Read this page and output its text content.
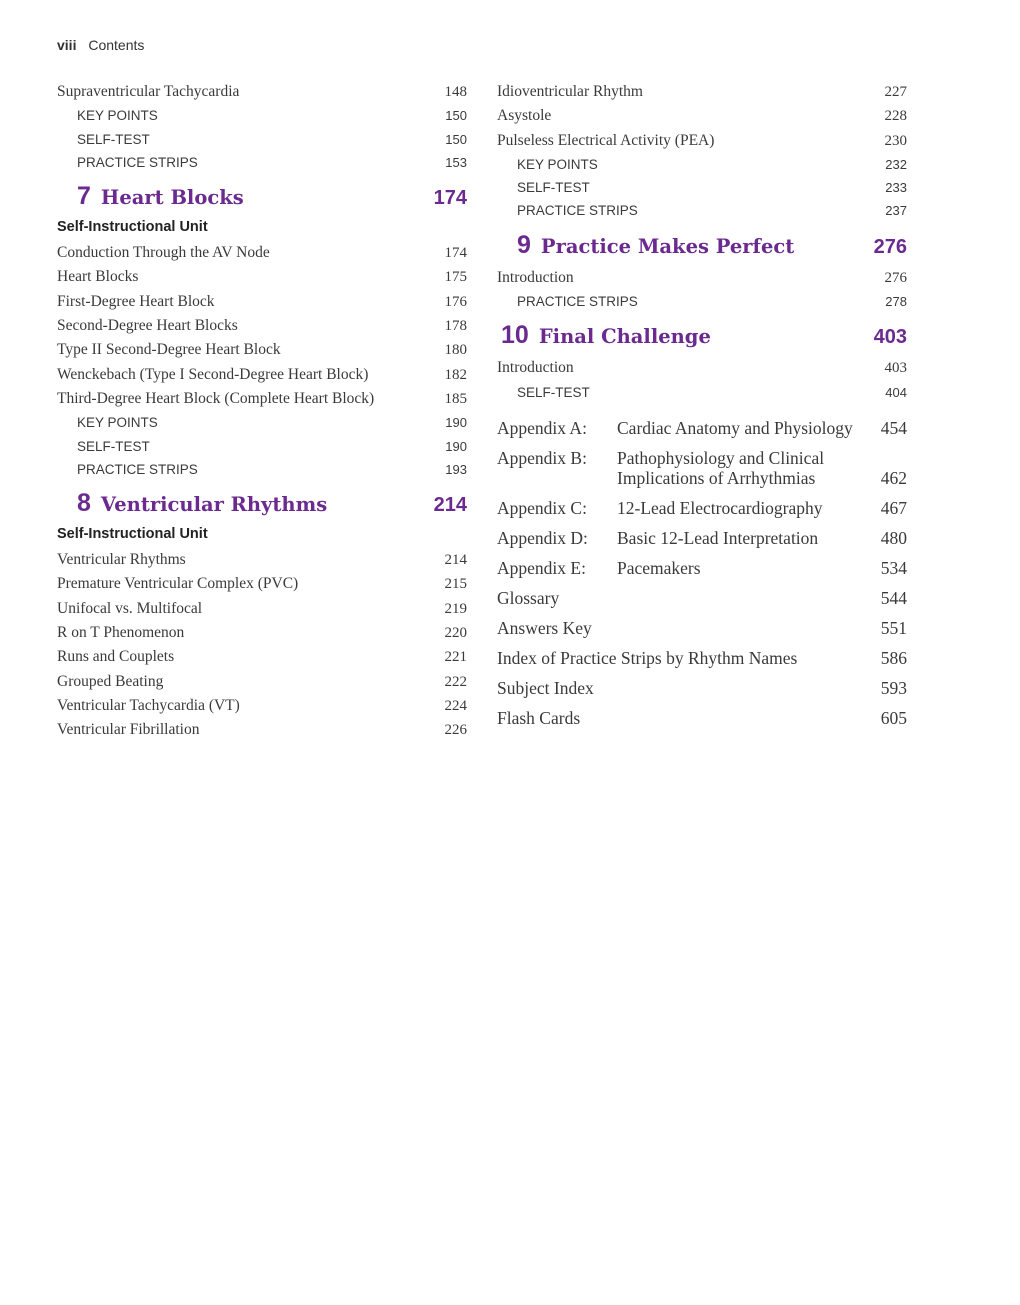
viii Contents
Supraventricular Tachycardia	148
KEY POINTS	150
SELF-TEST	150
PRACTICE STRIPS	153
7 Heart Blocks	174
Self-Instructional Unit
Conduction Through the AV Node	174
Heart Blocks	175
First-Degree Heart Block	176
Second-Degree Heart Blocks	178
Type II Second-Degree Heart Block	180
Wenckebach (Type I Second-Degree Heart Block)	182
Third-Degree Heart Block (Complete Heart Block)	185
KEY POINTS	190
SELF-TEST	190
PRACTICE STRIPS	193
8 Ventricular Rhythms	214
Self-Instructional Unit
Ventricular Rhythms	214
Premature Ventricular Complex (PVC)	215
Unifocal vs. Multifocal	219
R on T Phenomenon	220
Runs and Couplets	221
Grouped Beating	222
Ventricular Tachycardia (VT)	224
Ventricular Fibrillation	226
Idioventricular Rhythm	227
Asystole	228
Pulseless Electrical Activity (PEA)	230
KEY POINTS	232
SELF-TEST	233
PRACTICE STRIPS	237
9 Practice Makes Perfect	276
Introduction	276
PRACTICE STRIPS	278
10 Final Challenge	403
Introduction	403
SELF-TEST	404
Appendix A:	Cardiac Anatomy and Physiology	454
Appendix B:	Pathophysiology and Clinical Implications of Arrhythmias	462
Appendix C:	12-Lead Electrocardiography	467
Appendix D:	Basic 12-Lead Interpretation	480
Appendix E:	Pacemakers	534
Glossary	544
Answers Key	551
Index of Practice Strips by Rhythm Names	586
Subject Index	593
Flash Cards	605
